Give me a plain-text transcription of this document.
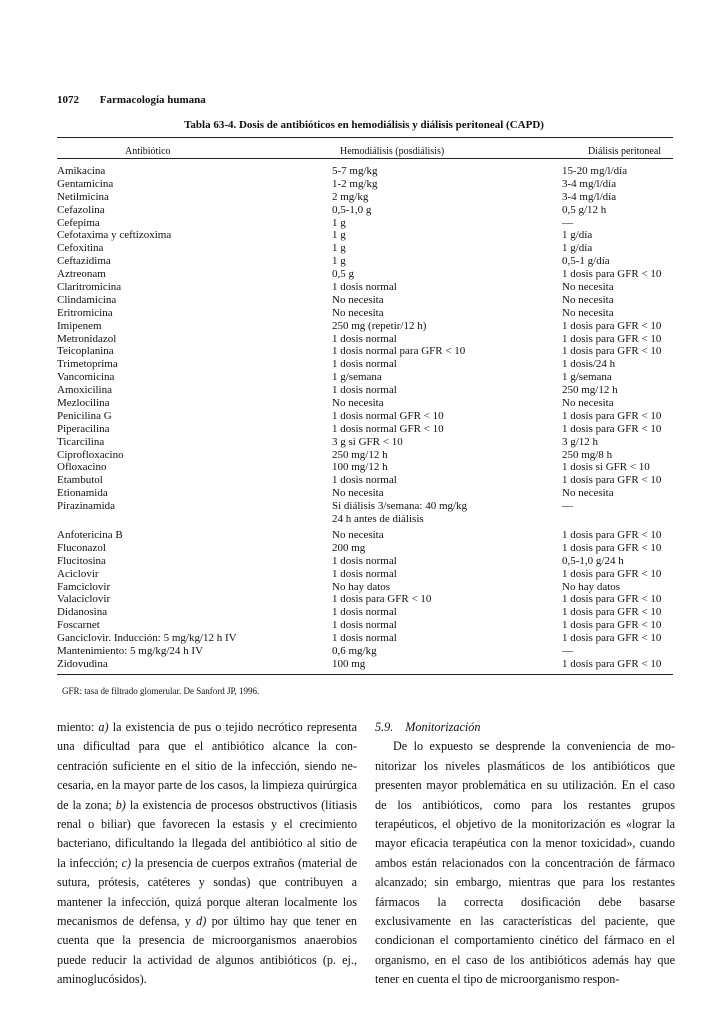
1072 Farmacología humana
Tabla 63-4. Dosis de antibióticos en hemodiálisis y diálisis peritoneal (CAPD)
Antibiótico	Hemodiálisis (posdiálisis)	Diálisis peritoneal
Amikacina	5-7 mg/kg	15-20 mg/l/día
Gentamicina	1-2 mg/kg	3-4 mg/l/día
Netilmicina	2 mg/kg	3-4 mg/l/día
Cefazolina	0,5-1,0 g	0,5 g/12 h
Cefepima	1 g	—
Cefotaxima y ceftizoxima	1 g	1 g/día
Cefoxitina	1 g	1 g/día
Ceftazidima	1 g	0,5-1 g/día
Aztreonam	0,5 g	1 dosis para GFR < 10
Claritromicina	1 dosis normal	No necesita
Clindamicina	No necesita	No necesita
Eritromicina	No necesita	No necesita
Imipenem	250 mg (repetir/12 h)	1 dosis para GFR < 10
Metronidazol	1 dosis normal	1 dosis para GFR < 10
Teicoplanina	1 dosis normal para GFR < 10	1 dosis para GFR < 10
Trimetoprima	1 dosis normal	1 dosis/24 h
Vancomicina	1 g/semana	1 g/semana
Amoxicilina	1 dosis normal	250 mg/12 h
Mezlocilina	No necesita	No necesita
Penicilina G	1 dosis normal GFR < 10	1 dosis para GFR < 10
Piperacilina	1 dosis normal GFR < 10	1 dosis para GFR < 10
Ticarcilina	3 g si GFR < 10	3 g/12 h
Ciprofloxacino	250 mg/12 h	250 mg/8 h
Ofloxacino	100 mg/12 h	1 dosis si GFR < 10
Etambutol	1 dosis normal	1 dosis para GFR < 10
Etionamida	No necesita	No necesita
Pirazinamida	Si diálisis 3/semana: 40 mg/kg	—
24 h antes de diálisis
Anfotericina B	No necesita	1 dosis para GFR < 10
Fluconazol	200 mg	1 dosis para GFR < 10
Flucitosina	1 dosis normal	0,5-1,0 g/24 h
Aciclovir	1 dosis normal	1 dosis para GFR < 10
Famciclovir	No hay datos	No hay datos
Valaciclovir	1 dosis para GFR < 10	1 dosis para GFR < 10
Didanosina	1 dosis normal	1 dosis para GFR < 10
Foscarnet	1 dosis normal	1 dosis para GFR < 10
Ganciclovir. Inducción: 5 mg/kg/12 h IV	1 dosis normal	1 dosis para GFR < 10
Mantenimiento: 5 mg/kg/24 h IV	0,6 mg/kg	—
Zidovudina	100 mg	1 dosis para GFR < 10
GFR: tasa de filtrado glomerular. De Sanford JP, 1996.

miento: a) la existencia de pus o tejido necrótico representa una dificultad para que el antibiótico alcance la concentración suficiente en el sitio de la infección, siendo necesaria, en la mayor parte de los casos, la limpieza quirúrgica de la zona; b) la existencia de procesos obstructivos (litiasis renal o biliar) que favorecen la estasis y el crecimiento bacteriano, dificultando la llegada del antibiótico al sitio de la infección; c) la presencia de cuerpos extraños (material de sutura, prótesis, catéteres y sondas) que contribuyen a mantener la infección, quizá porque alteran localmente los mecanismos de defensa, y d) por último hay que tener en cuenta que la presencia de microorganismos anaerobios puede reducir la actividad de algunos antibióticos (p. ej., aminoglucósidos).

5.9. Monitorización

De lo expuesto se desprende la conveniencia de monitorizar los niveles plasmáticos de los antibióticos que presenten mayor problemática en su utilización. En el caso de los antibióticos, como para los restantes grupos terapéuticos, el objetivo de la monitorización es «lograr la mayor eficacia terapéutica con la menor toxicidad», cuando ambos están relacionados con la concentración de fármaco alcanzado; sin embargo, mientras que para los restantes fármacos la correcta dosificación debe basarse exclusivamente en las características del paciente, que condicionan el comportamiento cinético del fármaco en el organismo, en el caso de los antibióticos además hay que tener en cuenta el tipo de microorganismo respon-
